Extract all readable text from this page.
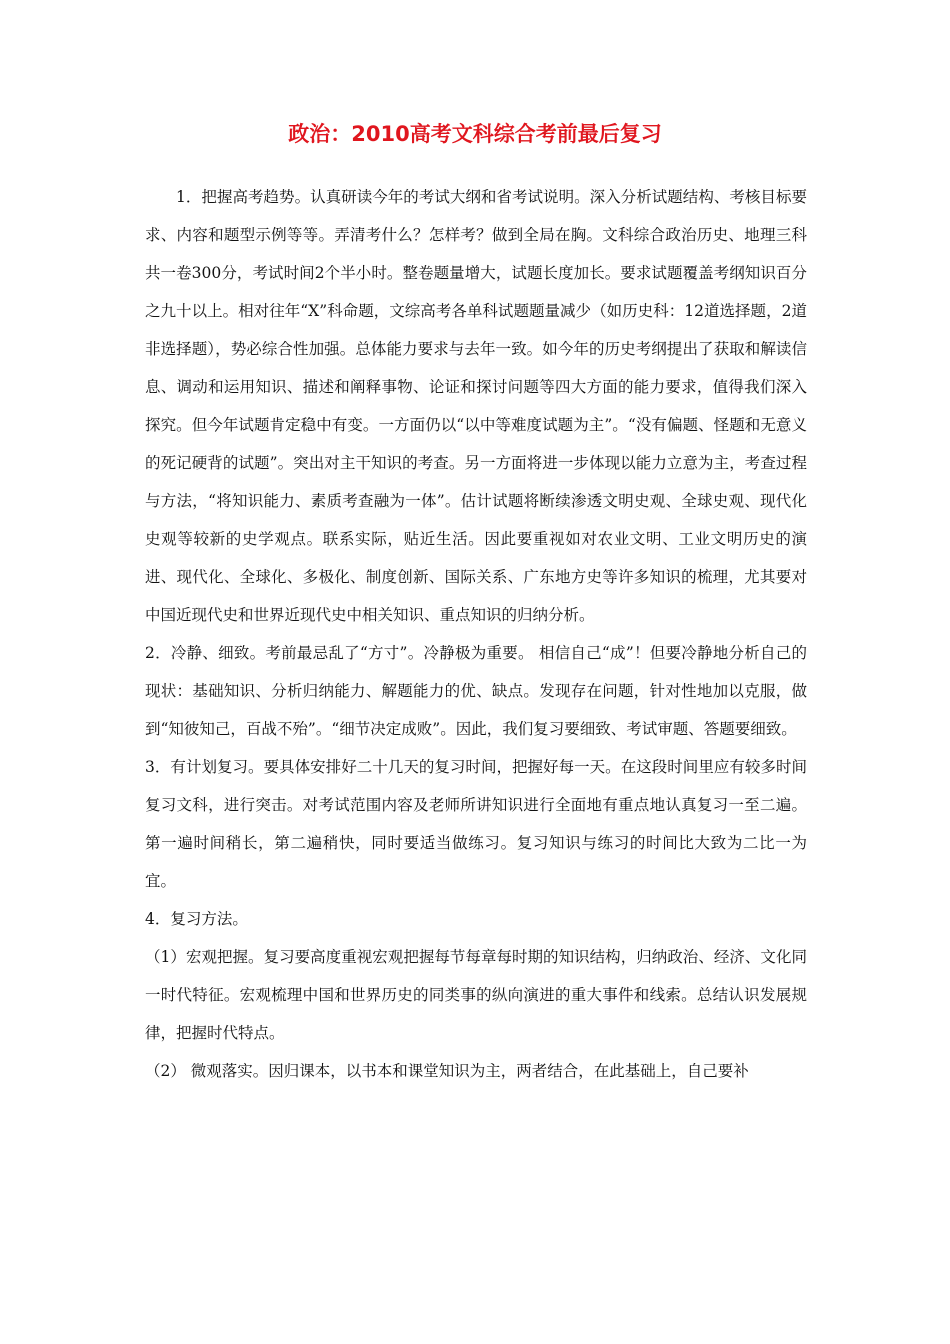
政治：2010高考文科综合考前最后复习

1．把握高考趋势。认真研读今年的考试大纲和省考试说明。深入分析试题结构、考核目标要求、内容和题型示例等等。弄清考什么？怎样考？做到全局在胸。文科综合政治历史、地理三科共一卷300分，考试时间2个半小时。整卷题量增大，试题长度加长。要求试题覆盖考纲知识百分之九十以上。相对往年“X”科命题，文综高考各单科试题题量减少（如历史科：12道选择题，2道非选择题），势必综合性加强。总体能力要求与去年一致。如今年的历史考纲提出了获取和解读信息、调动和运用知识、描述和阐释事物、论证和探讨问题等四大方面的能力要求，值得我们深入探究。但今年试题肯定稳中有变。一方面仍以“以中等难度试题为主”。“没有偏题、怪题和无意义的死记硬背的试题”。突出对主干知识的考查。另一方面将进一步体现以能力立意为主，考查过程与方法，“将知识能力、素质考查融为一体”。估计试题将断续渗透文明史观、全球史观、现代化史观等较新的史学观点。联系实际，贴近生活。因此要重视如对农业文明、工业文明历史的演进、现代化、全球化、多极化、制度创新、国际关系、广东地方史等许多知识的梳理，尤其要对中国近现代史和世界近现代史中相关知识、重点知识的归纳分析。

2．冷静、细致。考前最忌乱了“方寸”。冷静极为重要。 相信自己“成”！但要冷静地分析自己的现状：基础知识、分析归纳能力、解题能力的优、缺点。发现存在问题，针对性地加以克服，做到“知彼知己，百战不殆”。“细节决定成败”。因此，我们复习要细致、考试审题、答题要细致。

3．有计划复习。要具体安排好二十几天的复习时间，把握好每一天。在这段时间里应有较多时间复习文科，进行突击。对考试范围内容及老师所讲知识进行全面地有重点地认真复习一至二遍。第一遍时间稍长，第二遍稍快，同时要适当做练习。复习知识与练习的时间比大致为二比一为宜。

4．复习方法。

（1）宏观把握。复习要高度重视宏观把握每节每章每时期的知识结构，归纳政治、经济、文化同一时代特征。宏观梳理中国和世界历史的同类事的纵向演进的重大事件和线索。总结认识发展规律，把握时代特点。

（2） 微观落实。因归课本，以书本和课堂知识为主，两者结合，在此基础上，自己要补
